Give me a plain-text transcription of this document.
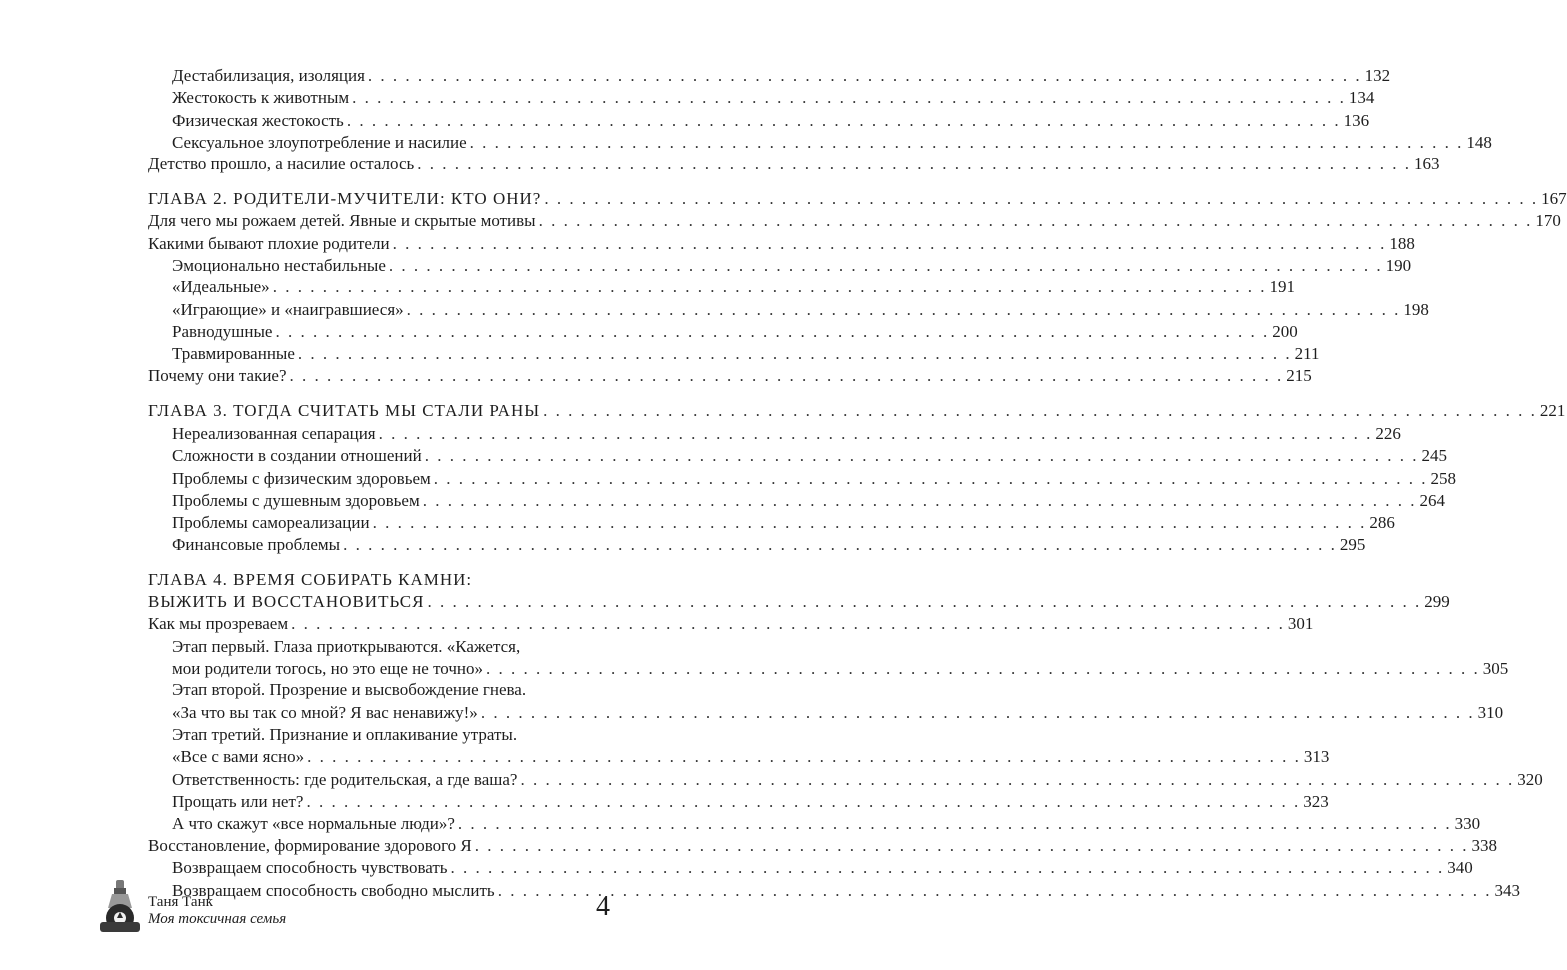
Дестабилизация, изоляция . . . . . . . . . . . . . . . . . . . . . . . . . . . . . . . . . . . . . . . . . . . . . . . . . . . . . . . . . . . . . . . . . . . . . . . . . . . . . . . . 132
Жестокость к животным . . . . . . . . . . . . . . . . . . . . . . . . . . . . . . . . . . . . . . . . . . . . . . . . . . . . . . . . . . . . . . . . . . . . . . . . . . . . . . . . 134
Физическая жестокость . . . . . . . . . . . . . . . . . . . . . . . . . . . . . . . . . . . . . . . . . . . . . . . . . . . . . . . . . . . . . . . . . . . . . . . . . . . . . . . . 136
Сексуальное злоупотребление и насилие . . . . . . . . . . . . . . . . . . . . . . . . . . . . . . . . . . . . . . . . . . . . . . . . . . . . . . . . . . . . . . . . . . . . . . . . . . . . . . . . 148
Детство прошло, а насилие осталось . . . . . . . . . . . . . . . . . . . . . . . . . . . . . . . . . . . . . . . . . . . . . . . . . . . . . . . . . . . . . . . . . . . . . . . . . . . . . . . . 163
ГЛАВА 2. РОДИТЕЛИ-МУЧИТЕЛИ: КТО ОНИ? . . . . . . . . . . . . . . . . . . . . . . . . . . . . . . . . . . . . . . . . . . . . . . . . . . . . . . . . . . . . . . . . . . . . . . . . . . . . . . . . 167
Для чего мы рожаем детей. Явные и скрытые мотивы . . . . . . . . . . . . . . . . . . . . . . . . . . . . . . . . . . . . . . . . . . . . . . . . . . . . . . . . . . . . . . . . . . . . . . . . . . . . . . . . 170
Какими бывают плохие родители . . . . . . . . . . . . . . . . . . . . . . . . . . . . . . . . . . . . . . . . . . . . . . . . . . . . . . . . . . . . . . . . . . . . . . . . . . . . . . . . 188
Эмоционально нестабильные . . . . . . . . . . . . . . . . . . . . . . . . . . . . . . . . . . . . . . . . . . . . . . . . . . . . . . . . . . . . . . . . . . . . . . . . . . . . . . . . 190
«Идеальные» . . . . . . . . . . . . . . . . . . . . . . . . . . . . . . . . . . . . . . . . . . . . . . . . . . . . . . . . . . . . . . . . . . . . . . . . . . . . . . . . 191
«Играющие» и «наигравшиеся» . . . . . . . . . . . . . . . . . . . . . . . . . . . . . . . . . . . . . . . . . . . . . . . . . . . . . . . . . . . . . . . . . . . . . . . . . . . . . . . . 198
Равнодушные . . . . . . . . . . . . . . . . . . . . . . . . . . . . . . . . . . . . . . . . . . . . . . . . . . . . . . . . . . . . . . . . . . . . . . . . . . . . . . . . 200
Травмированные . . . . . . . . . . . . . . . . . . . . . . . . . . . . . . . . . . . . . . . . . . . . . . . . . . . . . . . . . . . . . . . . . . . . . . . . . . . . . . . . 211
Почему они такие? . . . . . . . . . . . . . . . . . . . . . . . . . . . . . . . . . . . . . . . . . . . . . . . . . . . . . . . . . . . . . . . . . . . . . . . . . . . . . . . . 215
ГЛАВА 3. ТОГДА СЧИТАТЬ МЫ СТАЛИ РАНЫ . . . . . . . . . . . . . . . . . . . . . . . . . . . . . . . . . . . . . . . . . . . . . . . . . . . . . . . . . . . . . . . . . . . . . . . . . . . . . . . . 221
Нереализованная сепарация . . . . . . . . . . . . . . . . . . . . . . . . . . . . . . . . . . . . . . . . . . . . . . . . . . . . . . . . . . . . . . . . . . . . . . . . . . . . . . . . 226
Сложности в создании отношений . . . . . . . . . . . . . . . . . . . . . . . . . . . . . . . . . . . . . . . . . . . . . . . . . . . . . . . . . . . . . . . . . . . . . . . . . . . . . . . . 245
Проблемы с физическим здоровьем . . . . . . . . . . . . . . . . . . . . . . . . . . . . . . . . . . . . . . . . . . . . . . . . . . . . . . . . . . . . . . . . . . . . . . . . . . . . . . . . 258
Проблемы с душевным здоровьем . . . . . . . . . . . . . . . . . . . . . . . . . . . . . . . . . . . . . . . . . . . . . . . . . . . . . . . . . . . . . . . . . . . . . . . . . . . . . . . . 264
Проблемы самореализации . . . . . . . . . . . . . . . . . . . . . . . . . . . . . . . . . . . . . . . . . . . . . . . . . . . . . . . . . . . . . . . . . . . . . . . . . . . . . . . . 286
Финансовые проблемы . . . . . . . . . . . . . . . . . . . . . . . . . . . . . . . . . . . . . . . . . . . . . . . . . . . . . . . . . . . . . . . . . . . . . . . . . . . . . . . . 295
ГЛАВА 4. ВРЕМЯ СОБИРАТЬ КАМНИ:
ВЫЖИТЬ И ВОССТАНОВИТЬСЯ . . . . . . . . . . . . . . . . . . . . . . . . . . . . . . . . . . . . . . . . . . . . . . . . . . . . . . . . . . . . . . . . . . . . . . . . . . . . . . . . 299
Как мы прозреваем . . . . . . . . . . . . . . . . . . . . . . . . . . . . . . . . . . . . . . . . . . . . . . . . . . . . . . . . . . . . . . . . . . . . . . . . . . . . . . . . 301
Этап первый. Глаза приоткрываются. «Кажется,
мои родители тогось, но это еще не точно» . . . . . . . . . . . . . . . . . . . . . . . . . . . . . . . . . . . . . . . . . . . . . . . . . . . . . . . . . . . . . . . . . . . . . . . . . . . . . . . . 305
Этап второй. Прозрение и высвобождение гнева.
«За что вы так со мной? Я вас ненавижу!» . . . . . . . . . . . . . . . . . . . . . . . . . . . . . . . . . . . . . . . . . . . . . . . . . . . . . . . . . . . . . . . . . . . . . . . . . . . . . . . . 310
Этап третий. Признание и оплакивание утраты.
«Все с вами ясно» . . . . . . . . . . . . . . . . . . . . . . . . . . . . . . . . . . . . . . . . . . . . . . . . . . . . . . . . . . . . . . . . . . . . . . . . . . . . . . . . 313
Ответственность: где родительская, а где ваша? . . . . . . . . . . . . . . . . . . . . . . . . . . . . . . . . . . . . . . . . . . . . . . . . . . . . . . . . . . . . . . . . . . . . . . . . . . . . . . . . 320
Прощать или нет? . . . . . . . . . . . . . . . . . . . . . . . . . . . . . . . . . . . . . . . . . . . . . . . . . . . . . . . . . . . . . . . . . . . . . . . . . . . . . . . . 323
А что скажут «все нормальные люди»? . . . . . . . . . . . . . . . . . . . . . . . . . . . . . . . . . . . . . . . . . . . . . . . . . . . . . . . . . . . . . . . . . . . . . . . . . . . . . . . . 330
Восстановление, формирование здорового Я . . . . . . . . . . . . . . . . . . . . . . . . . . . . . . . . . . . . . . . . . . . . . . . . . . . . . . . . . . . . . . . . . . . . . . . . . . . . . . . . 338
Возвращаем способность чувствовать . . . . . . . . . . . . . . . . . . . . . . . . . . . . . . . . . . . . . . . . . . . . . . . . . . . . . . . . . . . . . . . . . . . . . . . . . . . . . . . . 340
Возвращаем способность свободно мыслить . . . . . . . . . . . . . . . . . . . . . . . . . . . . . . . . . . . . . . . . . . . . . . . . . . . . . . . . . . . . . . . . . . . . . . . . . . . . . . . . 343
Таня Танк
Моя токсичная семья	4
